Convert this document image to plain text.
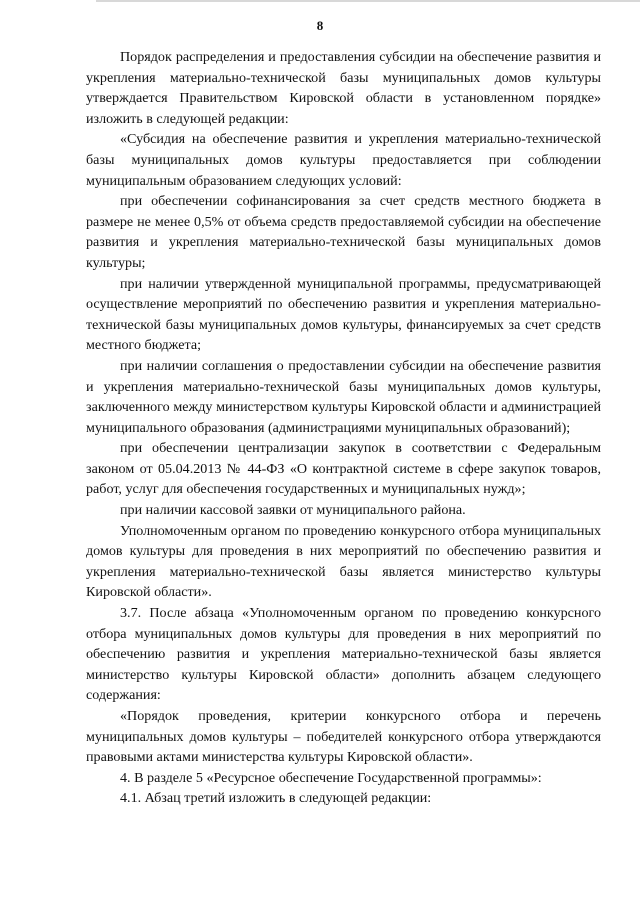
8

Порядок распределения и предоставления субсидии на обеспечение развития и укрепления материально-технической базы муниципальных домов культуры утверждается Правительством Кировской области в установленном порядке» изложить в следующей редакции:

«Субсидия на обеспечение развития и укрепления материально-технической базы муниципальных домов культуры предоставляется при соблюдении муниципальным образованием следующих условий:

при обеспечении софинансирования за счет средств местного бюджета в размере не менее 0,5% от объема средств предоставляемой субсидии на обеспечение развития и укрепления материально-технической базы муниципальных домов культуры;

при наличии утвержденной муниципальной программы, предусматривающей осуществление мероприятий по обеспечению развития и укрепления материально-технической базы муниципальных домов культуры, финансируемых за счет средств местного бюджета;

при наличии соглашения о предоставлении субсидии на обеспечение развития и укрепления материально-технической базы муниципальных домов культуры, заключенного между министерством культуры Кировской области и администрацией муниципального образования (администрациями муниципальных образований);

при обеспечении централизации закупок в соответствии с Федеральным законом от 05.04.2013 № 44-ФЗ «О контрактной системе в сфере закупок товаров, работ, услуг для обеспечения государственных и муниципальных нужд»;

при наличии кассовой заявки от муниципального района.

Уполномоченным органом по проведению конкурсного отбора муниципальных домов культуры для проведения в них мероприятий по обеспечению развития и укрепления материально-технической базы является министерство культуры Кировской области».

3.7. После абзаца «Уполномоченным органом по проведению конкурсного отбора муниципальных домов культуры для проведения в них мероприятий по обеспечению развития и укрепления материально-технической базы является министерство культуры Кировской области» дополнить абзацем следующего содержания:

«Порядок проведения, критерии конкурсного отбора и перечень муниципальных домов культуры – победителей конкурсного отбора утверждаются правовыми актами министерства культуры Кировской области».

4. В разделе 5 «Ресурсное обеспечение Государственной программы»:

4.1. Абзац третий изложить в следующей редакции:
